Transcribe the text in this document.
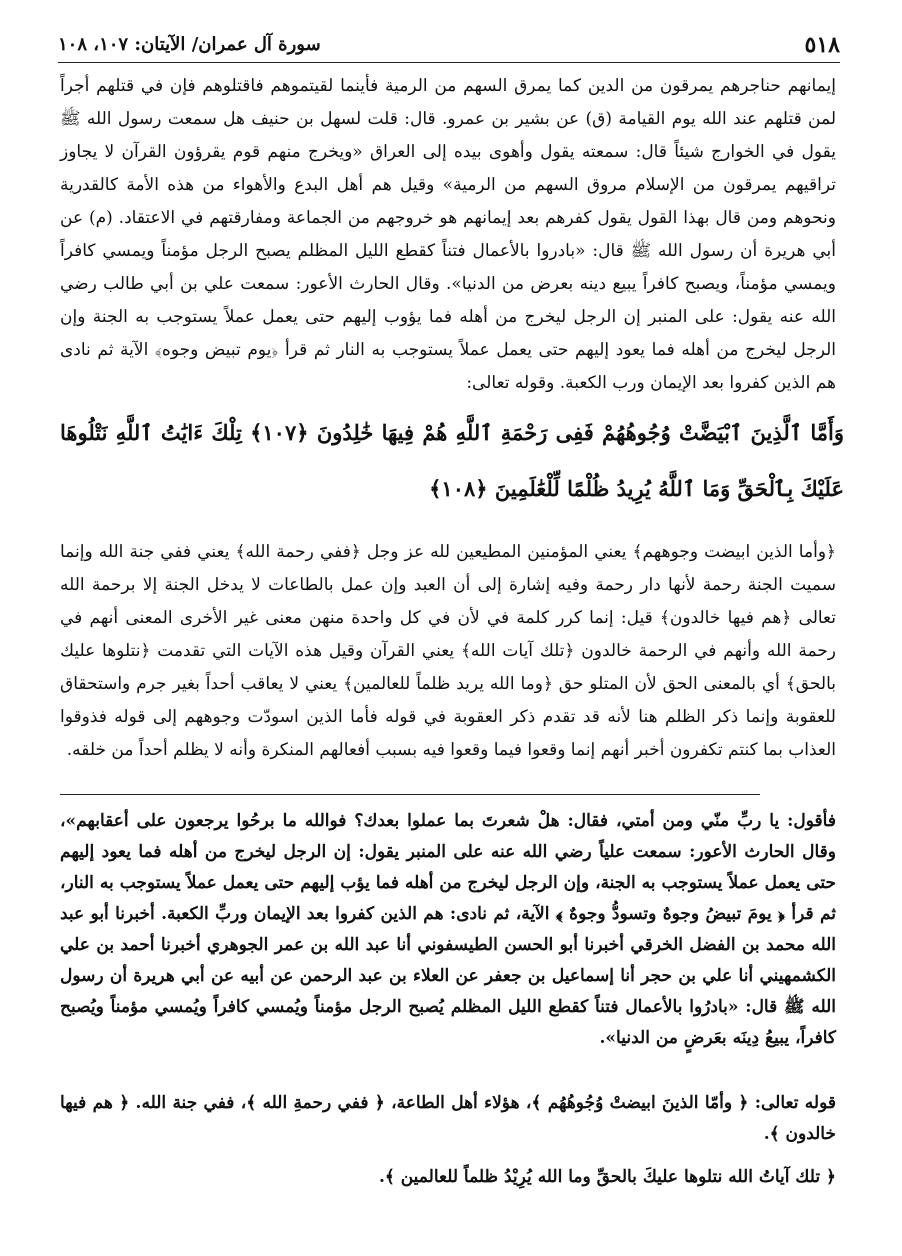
٥١٨
سورة آل عمران/ الآيتان: ١٠٧، ١٠٨
إيمانهم حناجرهم يمرقون من الدين كما يمرق السهم من الرمية فأينما لقيتموهم فاقتلوهم فإن في قتلهم أجراً لمن قتلهم عند الله يوم القيامة (ق) عن بشير بن عمرو. قال: قلت لسهل بن حنيف هل سمعت رسول الله ﷺ يقول في الخوارج شيئاً قال: سمعته يقول وأهوى بيده إلى العراق «ويخرج منهم قوم يقرؤون القرآن لا يجاوز تراقيهم يمرقون من الإسلام مروق السهم من الرمية» وقيل هم أهل البدع والأهواء من هذه الأمة كالقدرية ونحوهم ومن قال بهذا القول يقول كفرهم بعد إيمانهم هو خروجهم من الجماعة ومفارقتهم في الاعتقاد. (م) عن أبي هريرة أن رسول الله ﷺ قال: «بادروا بالأعمال فتناً كقطع الليل المظلم يصبح الرجل مؤمناً ويمسي كافراً ويمسي مؤمناً، ويصبح كافراً يبيع دينه بعرض من الدنيا». وقال الحارث الأعور: سمعت علي بن أبي طالب رضي الله عنه يقول: على المنبر إن الرجل ليخرج من أهله فما يؤوب إليهم حتى يعمل عملاً يستوجب به الجنة وإن الرجل ليخرج من أهله فما يعود إليهم حتى يعمل عملاً يستوجب به النار ثم قرأ ﴿يوم تبيض وجوه﴾ الآية ثم نادى هم الذين كفروا بعد الإيمان ورب الكعبة. وقوله تعالى:
وَأَمَّا ٱلَّذِينَ ٱبْيَضَّتْ وُجُوهُهُمْ فَفِى رَحْمَةِ ٱللَّهِ هُمْ فِيهَا خَٰلِدُونَ ﴿١٠٧﴾ تِلْكَ ءَايَٰتُ ٱللَّهِ نَتْلُوهَا عَلَيْكَ بِٱلْحَقِّ وَمَا ٱللَّهُ يُرِيدُ ظُلْمًا لِّلْعَٰلَمِينَ ﴿١٠٨﴾
﴿وأما الذين ابيضت وجوههم﴾ يعني المؤمنين المطيعين لله عز وجل ﴿ففي رحمة الله﴾ يعني ففي جنة الله وإنما سميت الجنة رحمة لأنها دار رحمة وفيه إشارة إلى أن العبد وإن عمل بالطاعات لا يدخل الجنة إلا برحمة الله تعالى ﴿هم فيها خالدون﴾ قيل: إنما كرر كلمة في لأن في كل واحدة منهن معنى غير الأخرى المعنى أنهم في رحمة الله وأنهم في الرحمة خالدون ﴿تلك آيات الله﴾ يعني القرآن وقيل هذه الآيات التي تقدمت ﴿نتلوها عليك بالحق﴾ أي بالمعنى الحق لأن المتلو حق ﴿وما الله يريد ظلماً للعالمين﴾ يعني لا يعاقب أحداً بغير جرم واستحقاق للعقوبة وإنما ذكر الظلم هنا لأنه قد تقدم ذكر العقوبة في قوله فأما الذين اسودّت وجوههم إلى قوله فذوقوا العذاب بما كنتم تكفرون أخبر أنهم إنما وقعوا فيما وقعوا فيه بسبب أفعالهم المنكرة وأنه لا يظلم أحداً من خلقه.
فأقول: يا ربِّ منّي ومن أمتي، فقال: هلْ شعرتَ بما عملوا بعدك؟ فوالله ما برحُوا يرجعون على أعقابهم»، وقال الحارث الأعور: سمعت علياً رضي الله عنه على المنبر يقول: إن الرجل ليخرج من أهله فما يعود إليهم حتى يعمل عملاً يستوجب به الجنة، وإن الرجل ليخرج من أهله فما يؤب إليهم حتى يعمل عملاً يستوجب به النار، ثم قرأ ﴿ يومَ تبيضُ وجوهٌ وتسودُّ وجوهٌ ﴾ الآية، ثم نادى: هم الذين كفروا بعد الإيمان وربِّ الكعبة. أخبرنا أبو عبد الله محمد بن الفضل الخرقي أخبرنا أبو الحسن الطيسفوني أنا عبد الله بن عمر الجوهري أخبرنا أحمد بن علي الكشمهيني أنا علي بن حجر أنا إسماعيل بن جعفر عن العلاء بن عبد الرحمن عن أبيه عن أبي هريرة أن رسول الله ﷺ قال: «بادرُوا بالأعمال فتناً كقطع الليل المظلم يُصبح الرجل مؤمناً ويُمسي كافراً ويُمسي مؤمناً ويُصبح كافراً، يبيعُ دِينَه بعَرضٍ من الدنيا».
قوله تعالى: ﴿ وأمّا الذينَ ابيضتْ وُجُوهُهُم ﴾، هؤلاء أهل الطاعة، ﴿ ففي رحمةِ الله ﴾، ففي جنة الله. ﴿ هم فيها خالدون ﴾.
﴿ تلك آياتُ الله نتلوها عليكَ بالحقِّ وما الله يُرِيْدُ ظلماً للعالمين ﴾.
